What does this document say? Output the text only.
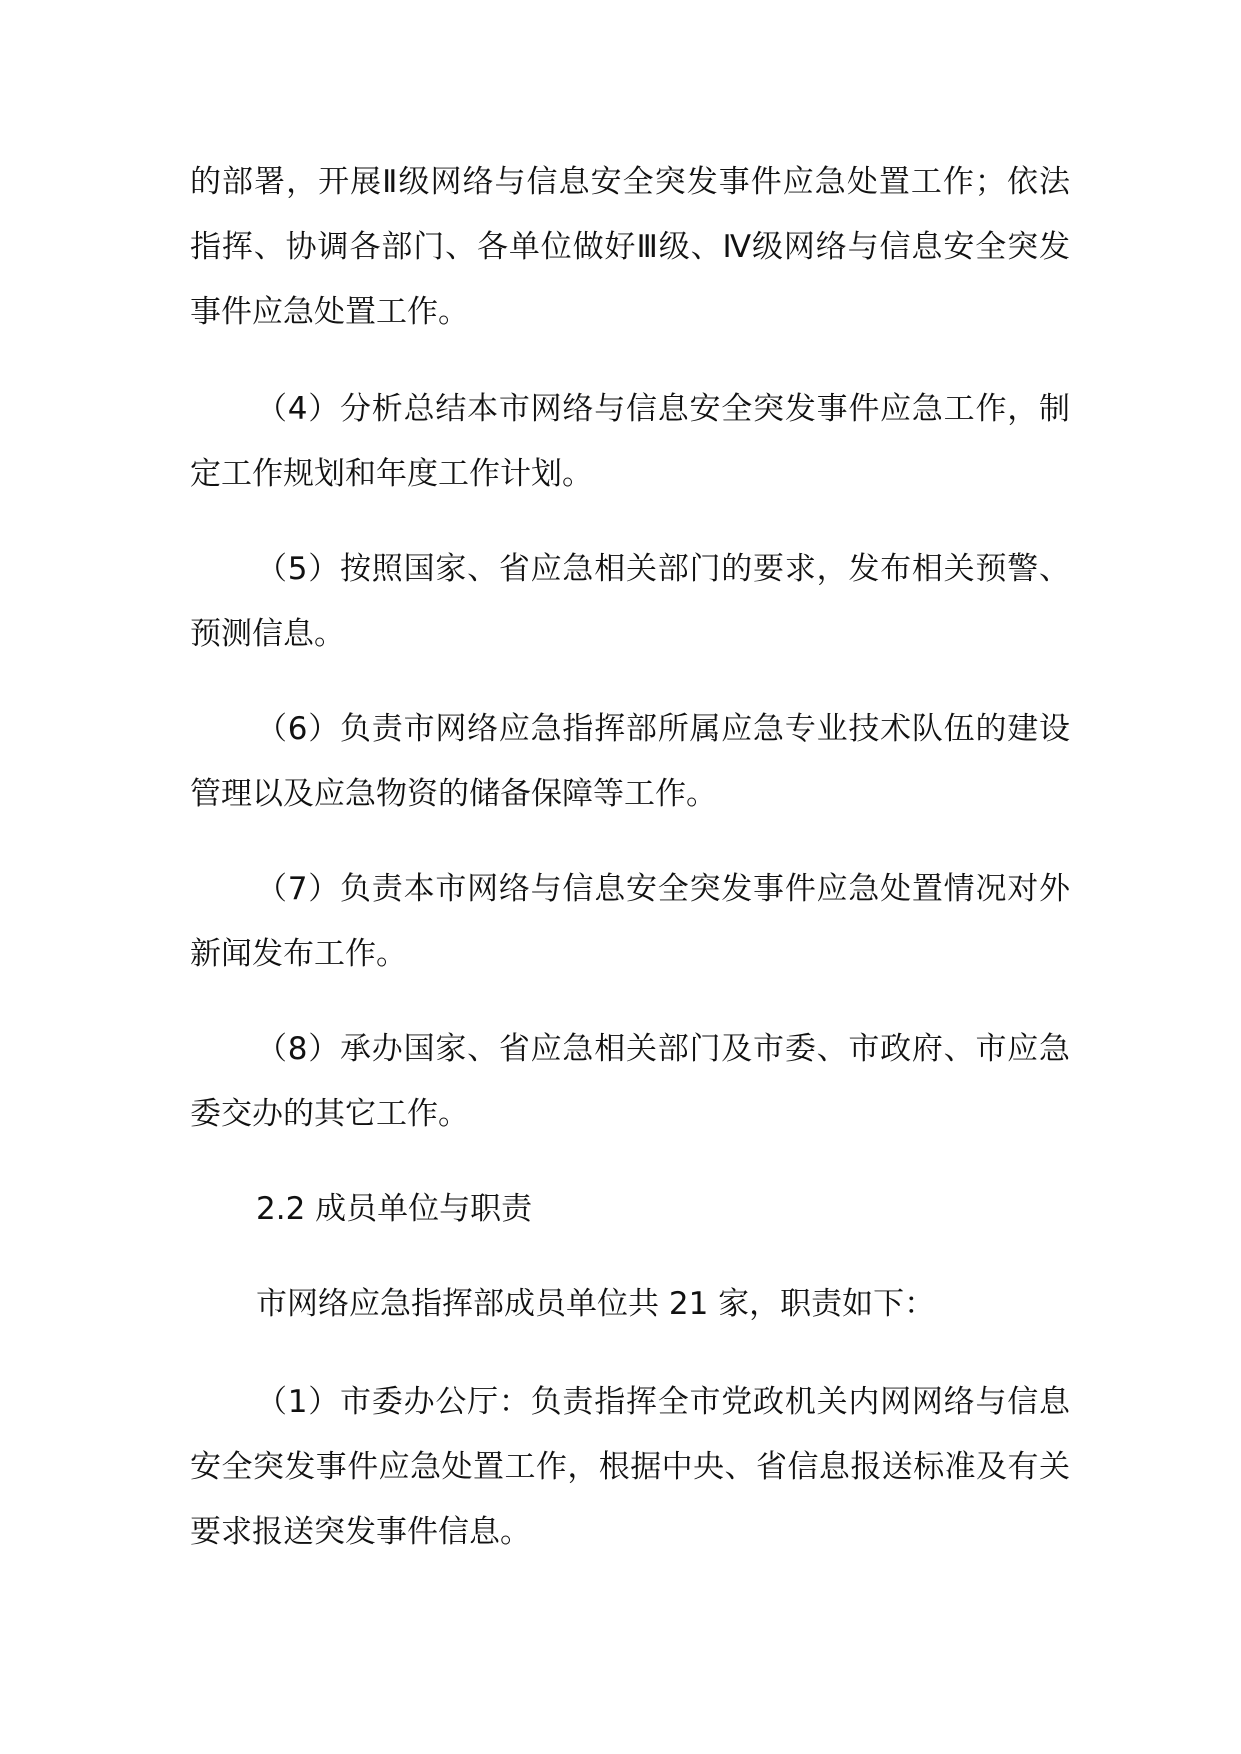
的部署，开展Ⅱ级网络与信息安全突发事件应急处置工作；依法指挥、协调各部门、各单位做好Ⅲ级、Ⅳ级网络与信息安全突发事件应急处置工作。

（4）分析总结本市网络与信息安全突发事件应急工作，制定工作规划和年度工作计划。

（5）按照国家、省应急相关部门的要求，发布相关预警、预测信息。

（6）负责市网络应急指挥部所属应急专业技术队伍的建设管理以及应急物资的储备保障等工作。

（7）负责本市网络与信息安全突发事件应急处置情况对外新闻发布工作。

（8）承办国家、省应急相关部门及市委、市政府、市应急委交办的其它工作。

2.2 成员单位与职责

市网络应急指挥部成员单位共 21 家，职责如下：

（1）市委办公厅：负责指挥全市党政机关内网网络与信息安全突发事件应急处置工作，根据中央、省信息报送标准及有关要求报送突发事件信息。
